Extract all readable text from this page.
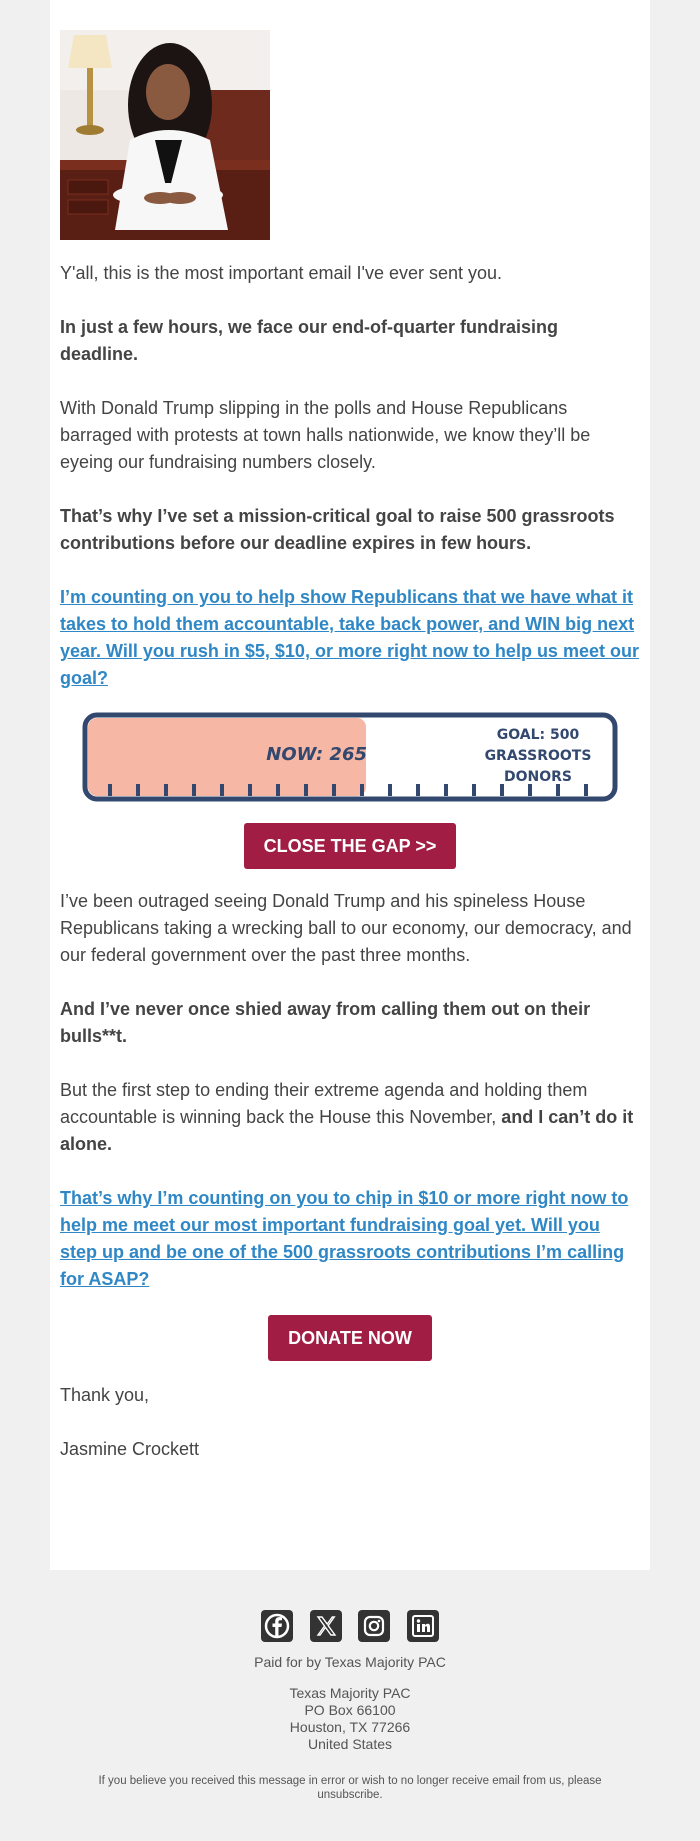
Y'all, this is the most important email I've ever sent you.

In just a few hours, we face our end-of-quarter fundraising deadline.

With Donald Trump slipping in the polls and House Republicans barraged with protests at town halls nationwide, we know they’ll be eyeing our fundraising numbers closely.

That’s why I’ve set a mission-critical goal to raise 500 grassroots contributions before our deadline expires in few hours.

I’m counting on you to help show Republicans that we have what it takes to hold them accountable, take back power, and WIN big next year. Will you rush in $5, $10, or more right now to help us meet our goal?

NOW: 265
GOAL: 500
GRASSROOTS
DONORS
CLOSE THE GAP >>

I’ve been outraged seeing Donald Trump and his spineless House Republicans taking a wrecking ball to our economy, our democracy, and our federal government over the past three months.

And I’ve never once shied away from calling them out on their bulls**t.

But the first step to ending their extreme agenda and holding them accountable is winning back the House this November, and I can’t do it alone.

That’s why I’m counting on you to chip in $10 or more right now to help me meet our most important fundraising goal yet. Will you step up and be one of the 500 grassroots contributions I’m calling for ASAP?

DONATE NOW

Thank you,

Jasmine Crockett

Paid for by Texas Majority PAC
Texas Majority PAC
PO Box 66100
Houston, TX 77266
United States
If you believe you received this message in error or wish to no longer receive email from us, please unsubscribe.
